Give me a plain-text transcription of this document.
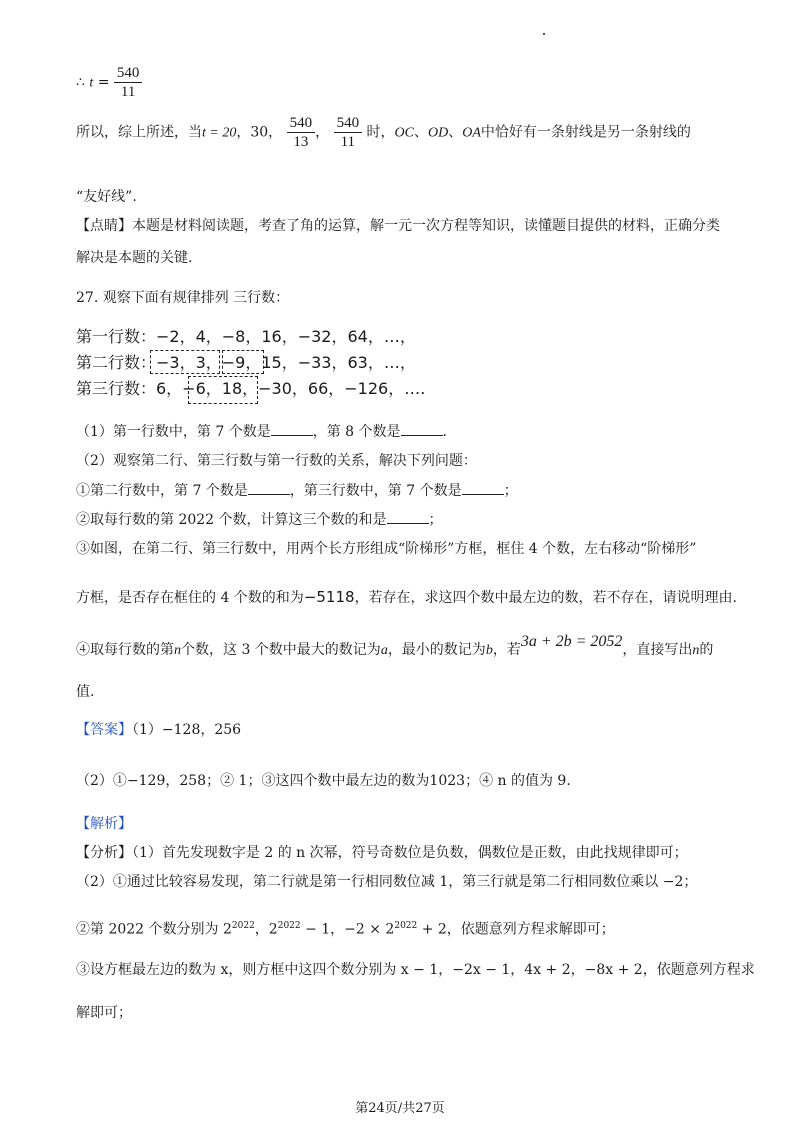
∴ $t = \frac{540}{11}$
所以，综上所述，当t = 20，30， $\frac{540}{13}$ ， $\frac{540}{11}$ 时，OC、OD、OA中恰好有一条射线是另一条射线的
“友好线”.
【点睛】本题是材料阅读题，考查了角的运算，解一元一次方程等知识，读懂题目提供的材料，正确分类
解决是本题的关键.
27. 观察下面有规律排列 三行数：
第一行数：−2，4，−8，16，−32，64，…，
第二行数：−3，3，−9，15，−33，63，…，
第三行数：6，−6，18，−30，66，−126，….
（1）第一行数中，第 7 个数是	，第 8 个数是	.
（2）观察第二行、第三行数与第一行数的关系，解决下列问题：
①第二行数中，第 7 个数是	，第三行数中，第 7 个数是	；
②取每行数的第 2022 个数，计算这三个数的和是	；
③如图，在第二行、第三行数中，用两个长方形组成“阶梯形”方框，框住 4 个数，左右移动“阶梯形”
方框，是否存在框住的 4 个数的和为−5118，若存在，求这四个数中最左边的数，若不存在，请说明理由.
④取每行数的第n个数，这 3 个数中最大的数记为a，最小的数记为b，若3a + 2b = 2052，直接写出n的
值.
【答案】（1）−128，256
（2）①−129，258；② 1；③这四个数中最左边的数为1023；④ n 的值为 9.
【解析】
【分析】（1）首先发现数字是 2 的 n 次幂，符号奇数位是负数，偶数位是正数，由此找规律即可；
（2）①通过比较容易发现，第二行就是第一行相同数位减 1，第三行就是第二行相同数位乘以 −2；
②第 2022 个数分别为 $2^{2022}$，$2^{2022} - 1$，$-2 \times 2^{2022} + 2$，依题意列方程求解即可；
③设方框最左边的数为 x，则方框中这四个数分别为 x − 1，−2x − 1，4x + 2，−8x + 2，依题意列方程求
解即可；
第24页/共27页
